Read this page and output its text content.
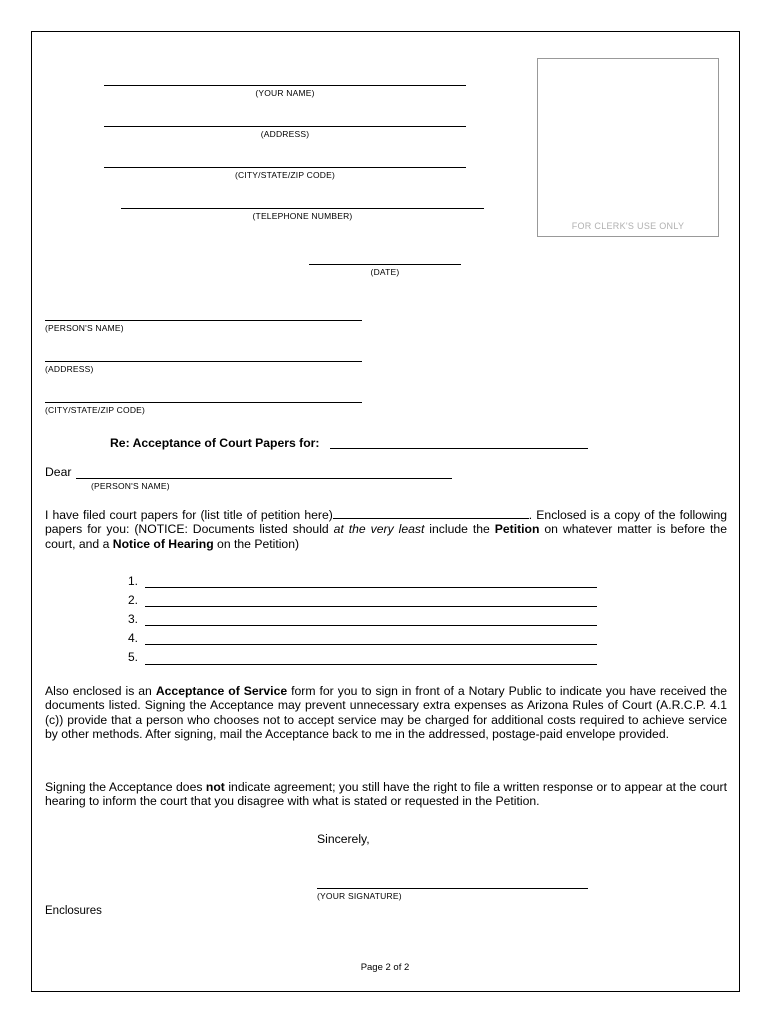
(YOUR NAME)
(ADDRESS)
(CITY/STATE/ZIP CODE)
(TELEPHONE NUMBER)
(DATE)
FOR CLERK'S USE ONLY
(PERSON'S NAME)
(ADDRESS)
(CITY/STATE/ZIP CODE)
Re: Acceptance of Court Papers for:
Dear
(PERSON'S NAME)
I have filed court papers for (list title of petition here)	. Enclosed is a copy of the following papers for you: (NOTICE: Documents listed should at the very least include the Petition on whatever matter is before the court, and a Notice of Hearing on the Petition)
1.
2.
3.
4.
5.
Also enclosed is an Acceptance of Service form for you to sign in front of a Notary Public to indicate you have received the documents listed. Signing the Acceptance may prevent unnecessary extra expenses as Arizona Rules of Court (A.R.C.P. 4.1 (c)) provide that a person who chooses not to accept service may be charged for additional costs required to achieve service by other methods. After signing, mail the Acceptance back to me in the addressed, postage-paid envelope provided.
Signing the Acceptance does not indicate agreement; you still have the right to file a written response or to appear at the court hearing to inform the court that you disagree with what is stated or requested in the Petition.
Sincerely,
(YOUR SIGNATURE)
Enclosures
Page 2 of 2
